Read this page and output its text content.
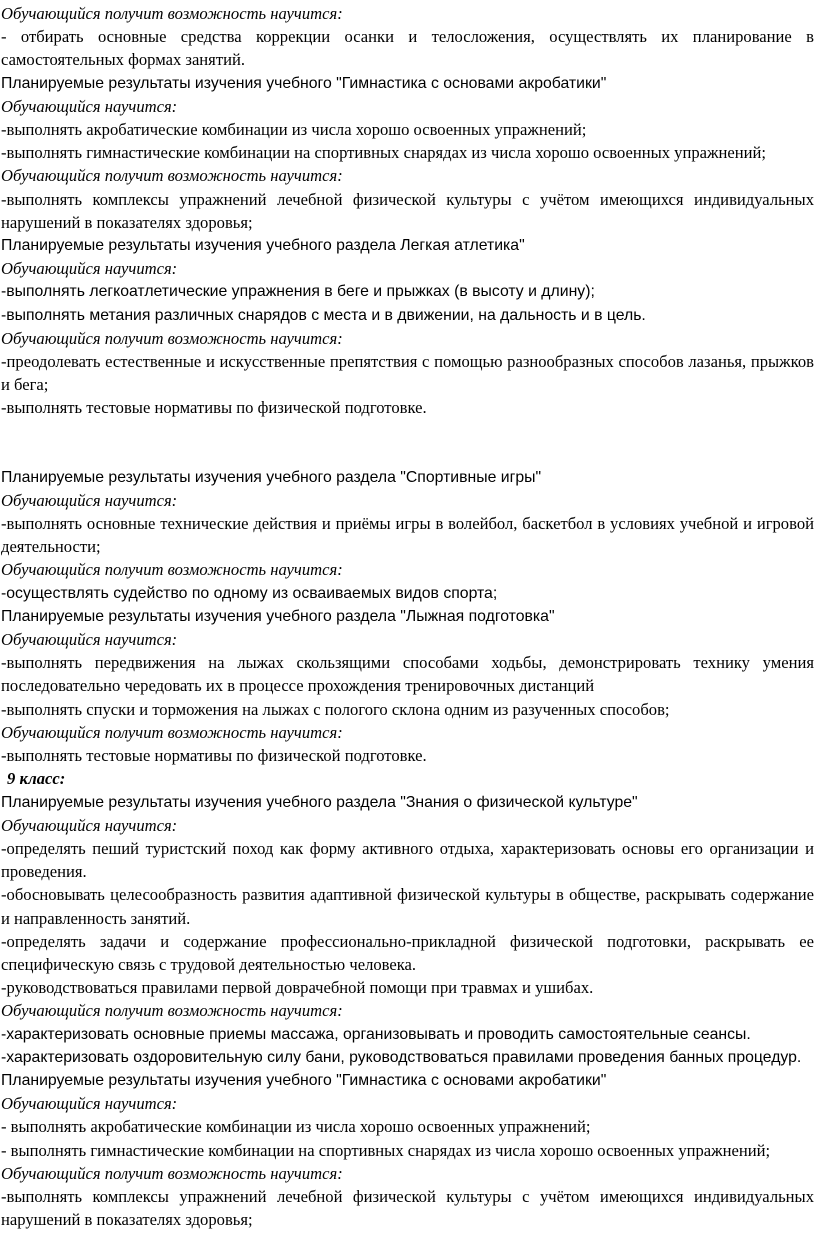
Обучающийся получит возможность научится:

- отбирать основные средства коррекции осанки и телосложения, осуществлять их планирование в самостоятельных формах занятий.

Планируемые результаты изучения учебного "Гимнастика с основами акробатики"

Обучающийся научится:

-выполнять акробатические комбинации из числа хорошо освоенных упражнений;

-выполнять гимнастические комбинации на спортивных снарядах из числа хорошо освоенных упражнений;

Обучающийся получит возможность научится:

-выполнять комплексы упражнений лечебной физической культуры с учётом имеющихся индивидуальных нарушений в показателях здоровья;

Планируемые результаты изучения учебного раздела Легкая атлетика"

Обучающийся научится:

-выполнять легкоатлетические упражнения в беге и прыжках (в высоту и длину);

-выполнять метания различных снарядов с места и в движении, на дальность и в цель.

Обучающийся получит возможность научится:

-преодолевать естественные и искусственные препятствия с помощью разнообразных способов лазанья, прыжков и бега;

-выполнять тестовые нормативы по физической подготовке.

Планируемые результаты изучения учебного раздела "Спортивные игры"

Обучающийся научится:

-выполнять основные технические действия и приёмы игры в волейбол, баскетбол в условиях учебной и игровой деятельности;

Обучающийся получит возможность научится:

-осуществлять судейство по одному из осваиваемых видов спорта;

Планируемые результаты изучения учебного раздела "Лыжная подготовка"

Обучающийся научится:

-выполнять передвижения на лыжах скользящими способами ходьбы, демонстрировать технику умения последовательно чередовать их в процессе прохождения тренировочных дистанций

-выполнять спуски и торможения на лыжах с пологого склона одним из разученных способов;

Обучающийся получит возможность научится:

-выполнять тестовые нормативы по физической подготовке.

9 класс:

Планируемые результаты изучения учебного раздела "Знания о физической культуре"

Обучающийся научится:

-определять пеший туристский поход как форму активного отдыха, характеризовать основы его организации и проведения.

-обосновывать целесообразность развития адаптивной физической культуры в обществе, раскрывать содержание и направленность занятий.

-определять задачи и содержание профессионально-прикладной физической подготовки, раскрывать ее специфическую связь с трудовой деятельностью человека.

-руководствоваться правилами первой доврачебной помощи при травмах и ушибах.

Обучающийся получит возможность научится:

-характеризовать основные приемы массажа, организовывать и проводить самостоятельные сеансы.

-характеризовать оздоровительную силу бани, руководствоваться правилами проведения банных процедур.

Планируемые результаты изучения учебного "Гимнастика с основами акробатики"

Обучающийся научится:

- выполнять акробатические комбинации из числа хорошо освоенных упражнений;

- выполнять гимнастические комбинации на спортивных снарядах из числа хорошо освоенных упражнений;

Обучающийся получит возможность научится:

-выполнять комплексы упражнений лечебной физической культуры с учётом имеющихся индивидуальных нарушений в показателях здоровья;
